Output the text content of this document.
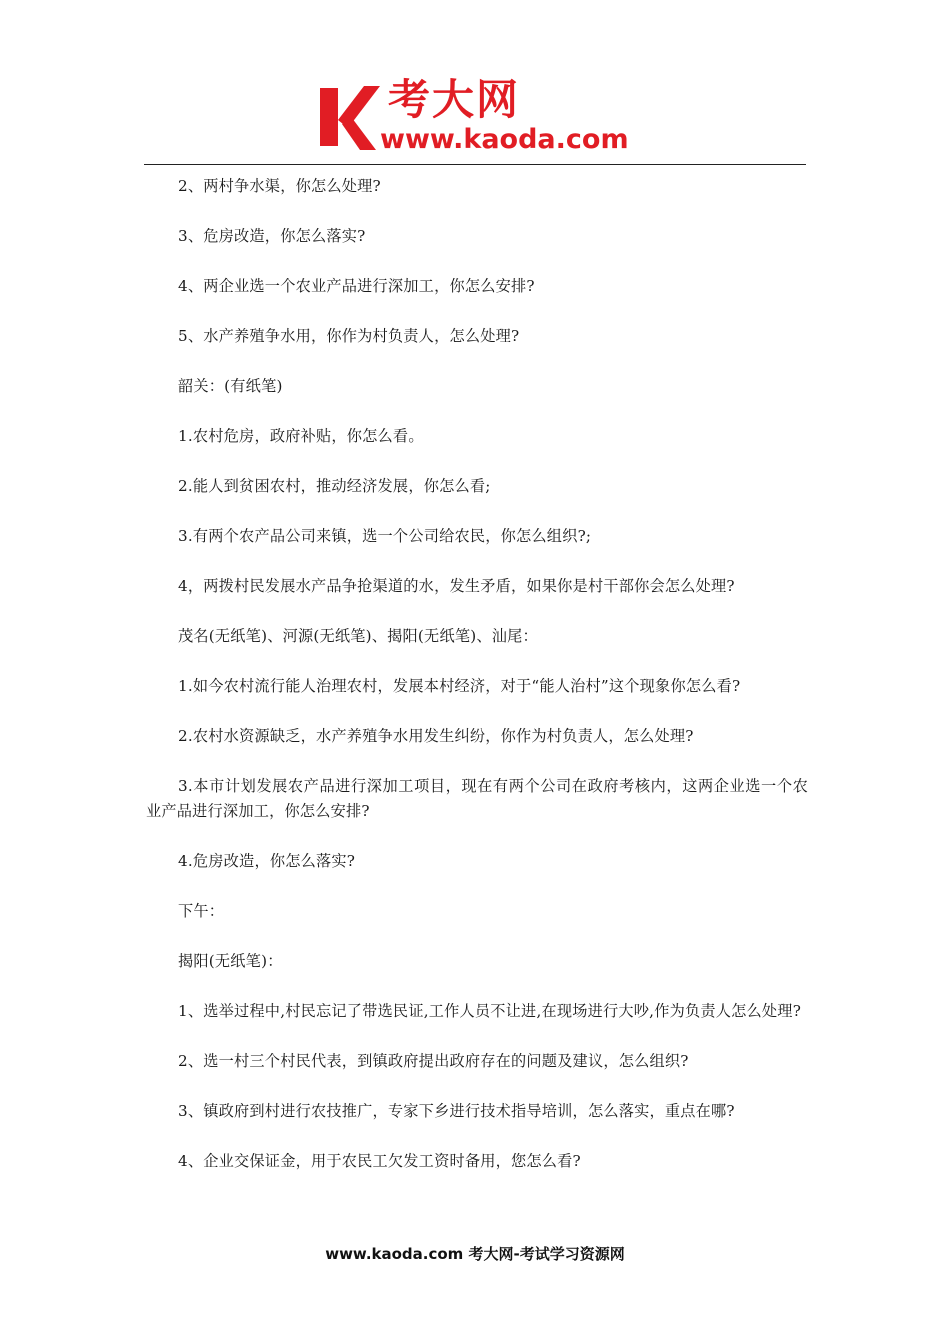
考大网
www.kaoda.com

2、两村争水渠，你怎么处理?

3、危房改造，你怎么落实?

4、两企业选一个农业产品进行深加工，你怎么安排?

5、水产养殖争水用，你作为村负责人，怎么处理?

韶关：(有纸笔)

1.农村危房，政府补贴，你怎么看。

2.能人到贫困农村，推动经济发展，你怎么看;

3.有两个农产品公司来镇，选一个公司给农民，你怎么组织?;

4，两拨村民发展水产品争抢渠道的水，发生矛盾，如果你是村干部你会怎么处理?

茂名(无纸笔)、河源(无纸笔)、揭阳(无纸笔)、汕尾：

1.如今农村流行能人治理农村，发展本村经济，对于“能人治村”这个现象你怎么看?

2.农村水资源缺乏，水产养殖争水用发生纠纷，你作为村负责人，怎么处理?

3.本市计划发展农产品进行深加工项目，现在有两个公司在政府考核内，这两企业选一个农业产品进行深加工，你怎么安排?

4.危房改造，你怎么落实?

下午：

揭阳(无纸笔)：

1、选举过程中,村民忘记了带选民证,工作人员不让进,在现场进行大吵,作为负责人怎么处理?

2、选一村三个村民代表，到镇政府提出政府存在的问题及建议，怎么组织?

3、镇政府到村进行农技推广，专家下乡进行技术指导培训，怎么落实，重点在哪?

4、企业交保证金，用于农民工欠发工资时备用，您怎么看?

www.kaoda.com 考大网-考试学习资源网
